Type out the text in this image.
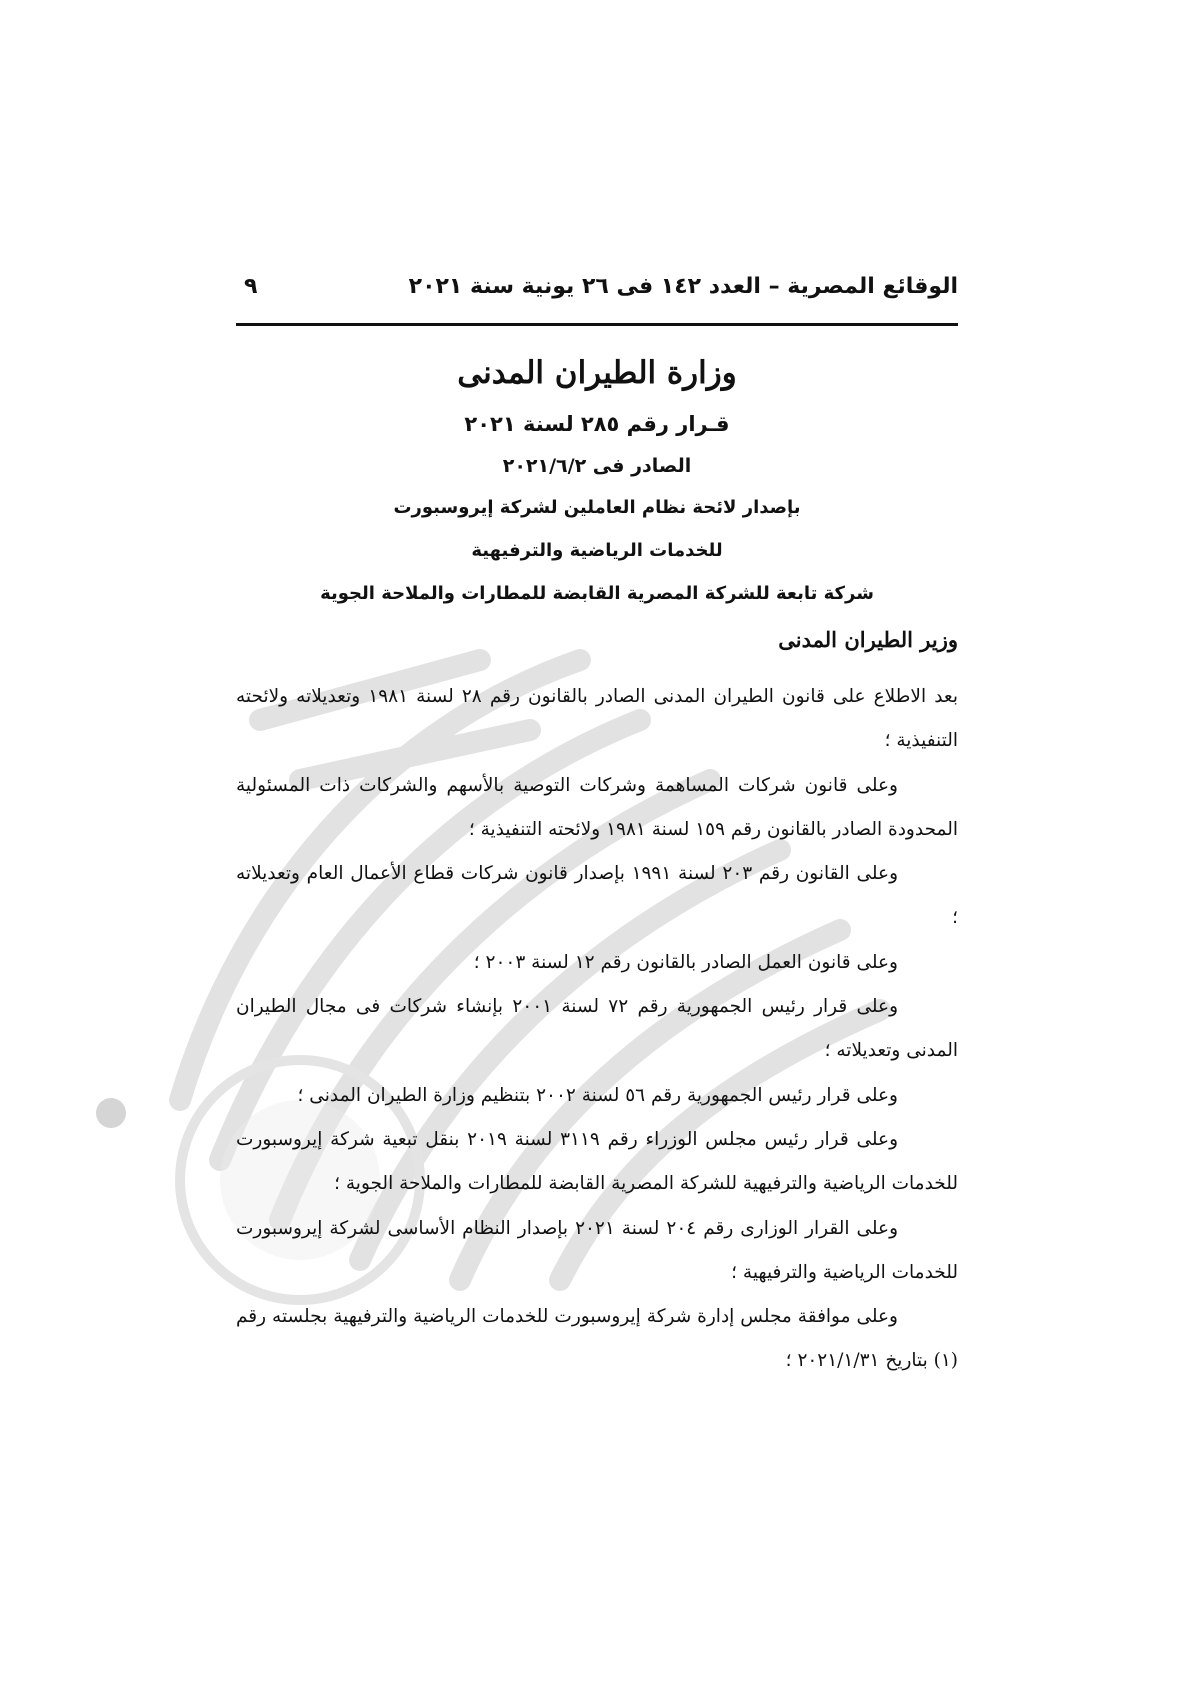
الوقائع المصرية – العدد ١٤٢ فى ٢٦ يونية سنة ٢٠٢١
٩
وزارة الطيران المدنى
قـرار رقم ٢٨٥ لسنة ٢٠٢١
الصادر فى ٢٠٢١/٦/٢
بإصدار لائحة نظام العاملين لشركة إيروسبورت
للخدمات الرياضية والترفيهية
شركة تابعة للشركة المصرية القابضة للمطارات والملاحة الجوية
وزير الطيران المدنى

بعد الاطلاع على قانون الطيران المدنى الصادر بالقانون رقم ٢٨ لسنة ١٩٨١ وتعديلاته ولائحته التنفيذية ؛

وعلى قانون شركات المساهمة وشركات التوصية بالأسهم والشركات ذات المسئولية المحدودة الصادر بالقانون رقم ١٥٩ لسنة ١٩٨١ ولائحته التنفيذية ؛

وعلى القانون رقم ٢٠٣ لسنة ١٩٩١ بإصدار قانون شركات قطاع الأعمال العام وتعديلاته ؛

وعلى قانون العمل الصادر بالقانون رقم ١٢ لسنة ٢٠٠٣ ؛

وعلى قرار رئيس الجمهورية رقم ٧٢ لسنة ٢٠٠١ بإنشاء شركات فى مجال الطيران المدنى وتعديلاته ؛

وعلى قرار رئيس الجمهورية رقم ٥٦ لسنة ٢٠٠٢ بتنظيم وزارة الطيران المدنى ؛

وعلى قرار رئيس مجلس الوزراء رقم ٣١١٩ لسنة ٢٠١٩ بنقل تبعية شركة إيروسبورت للخدمات الرياضية والترفيهية للشركة المصرية القابضة للمطارات والملاحة الجوية ؛

وعلى القرار الوزارى رقم ٢٠٤ لسنة ٢٠٢١ بإصدار النظام الأساسى لشركة إيروسبورت للخدمات الرياضية والترفيهية ؛

وعلى موافقة مجلس إدارة شركة إيروسبورت للخدمات الرياضية والترفيهية بجلسته رقم (١) بتاريخ ٢٠٢١/١/٣١ ؛
